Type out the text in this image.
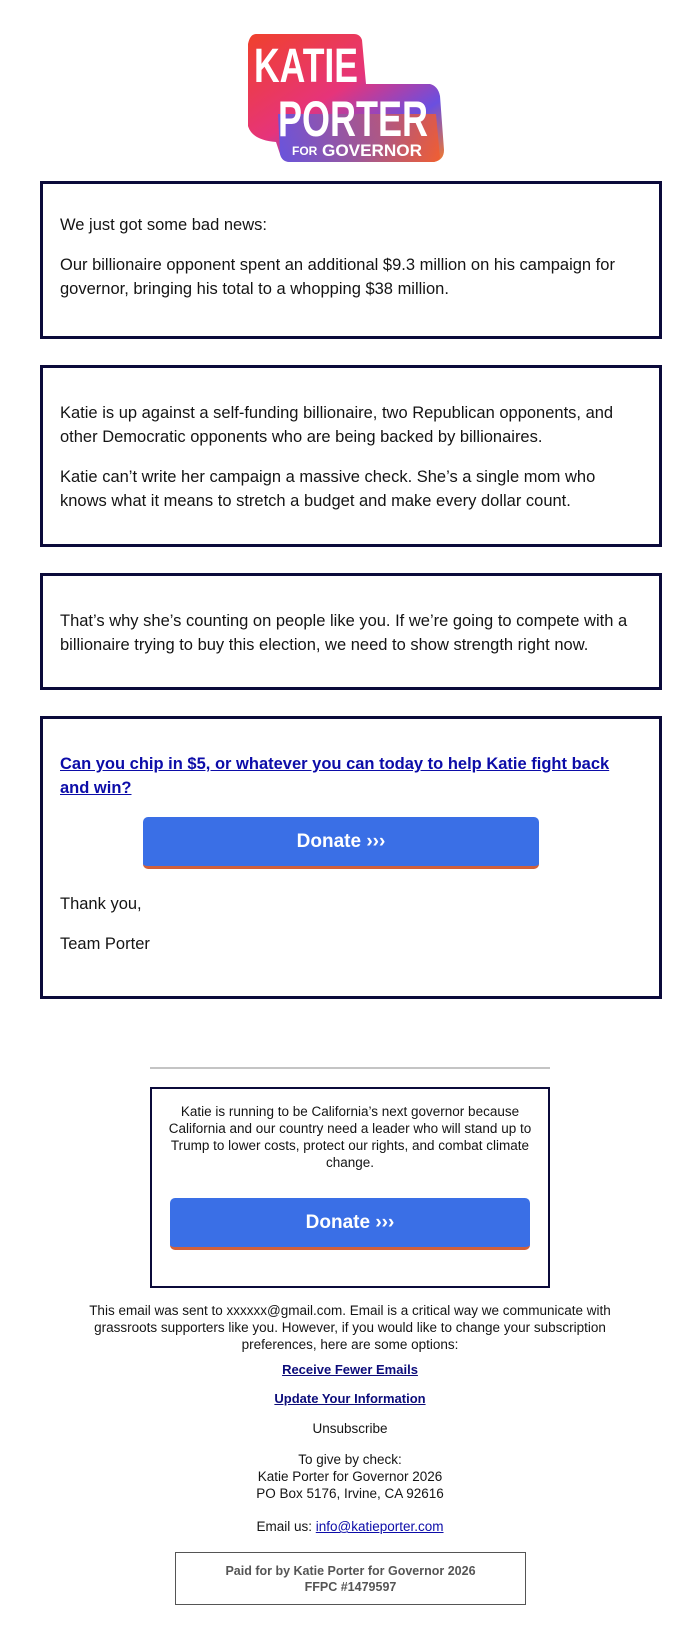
KATIE
PORTER
FOR GOVERNOR

We just got some bad news:

Our billionaire opponent spent an additional $9.3 million on his campaign for governor, bringing his total to a whopping $38 million.

Katie is up against a self-funding billionaire, two Republican opponents, and other Democratic opponents who are being backed by billionaires.

Katie can’t write her campaign a massive check. She’s a single mom who knows what it means to stretch a budget and make every dollar count.

That’s why she’s counting on people like you. If we’re going to compete with a billionaire trying to buy this election, we need to show strength right now.

Can you chip in $5, or whatever you can today to help Katie fight back and win?
Donate ›››

Thank you,

Team Porter

Katie is running to be California’s next governor because California and our country need a leader who will stand up to Trump to lower costs, protect our rights, and combat climate change.

Donate ›››

This email was sent to xxxxxx@gmail.com. Email is a critical way we communicate with grassroots supporters like you. However, if you would like to change your subscription preferences, here are some options:

Receive Fewer Emails
Update Your Information

Unsubscribe

To give by check:

Katie Porter for Governor 2026

PO Box 5176, Irvine, CA 92616

Email us: info@katieporter.com

Paid for by Katie Porter for Governor 2026
FFPC #1479597
